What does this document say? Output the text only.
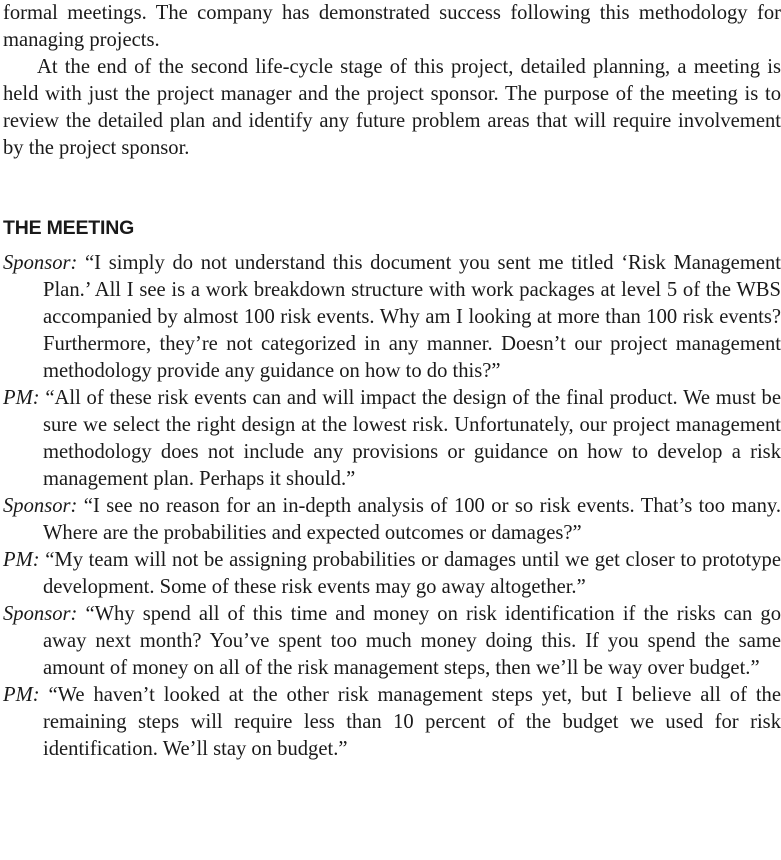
formal meetings. The company has demonstrated success following this methodology for managing projects.

At the end of the second life-cycle stage of this project, detailed planning, a meeting is held with just the project manager and the project sponsor. The purpose of the meeting is to review the detailed plan and identify any future problem areas that will require involvement by the project sponsor.

THE MEETING

Sponsor: “I simply do not understand this document you sent me titled ‘Risk Management Plan.’ All I see is a work breakdown structure with work packages at level 5 of the WBS accompanied by almost 100 risk events. Why am I looking at more than 100 risk events? Furthermore, they’re not categorized in any manner. Doesn’t our project management methodology provide any guidance on how to do this?”

PM: “All of these risk events can and will impact the design of the final product. We must be sure we select the right design at the lowest risk. Unfortunately, our project management methodology does not include any provisions or guidance on how to develop a risk management plan. Perhaps it should.”

Sponsor: “I see no reason for an in-depth analysis of 100 or so risk events. That’s too many. Where are the probabilities and expected outcomes or damages?”

PM: “My team will not be assigning probabilities or damages until we get closer to prototype development. Some of these risk events may go away altogether.”

Sponsor: “Why spend all of this time and money on risk identification if the risks can go away next month? You’ve spent too much money doing this. If you spend the same amount of money on all of the risk management steps, then we’ll be way over budget.”

PM: “We haven’t looked at the other risk management steps yet, but I believe all of the remaining steps will require less than 10 percent of the budget we used for risk identification. We’ll stay on budget.”
